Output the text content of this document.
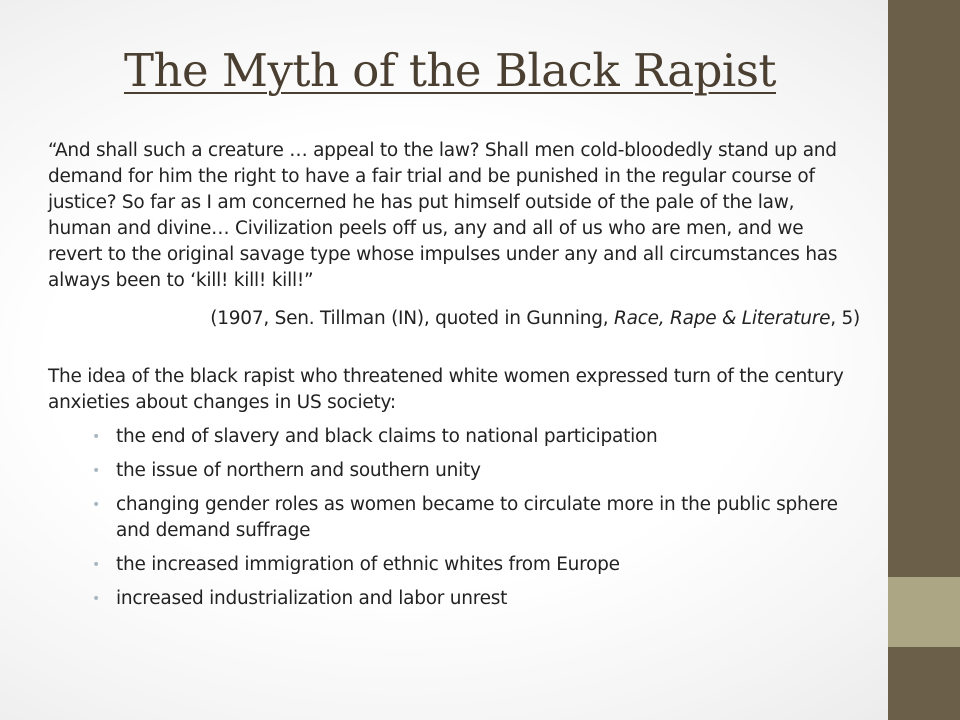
The Myth of the Black Rapist

“And shall such a creature … appeal to the law? Shall men cold-bloodedly stand up and demand for him the right to have a fair trial and be punished in the regular course of justice? So far as I am concerned he has put himself outside of the pale of the law, human and divine… Civilization peels off us, any and all of us who are men, and we revert to the original savage type whose impulses under any and all circumstances has always been to ‘kill! kill! kill!”

(1907, Sen. Tillman (IN), quoted in Gunning, Race, Rape & Literature, 5)

The idea of the black rapist who threatened white women expressed turn of the century anxieties about changes in US society:

• the end of slavery and black claims to national participation
• the issue of northern and southern unity
• changing gender roles as women became to circulate more in the public sphere and demand suffrage
• the increased immigration of ethnic whites from Europe
• increased industrialization and labor unrest
